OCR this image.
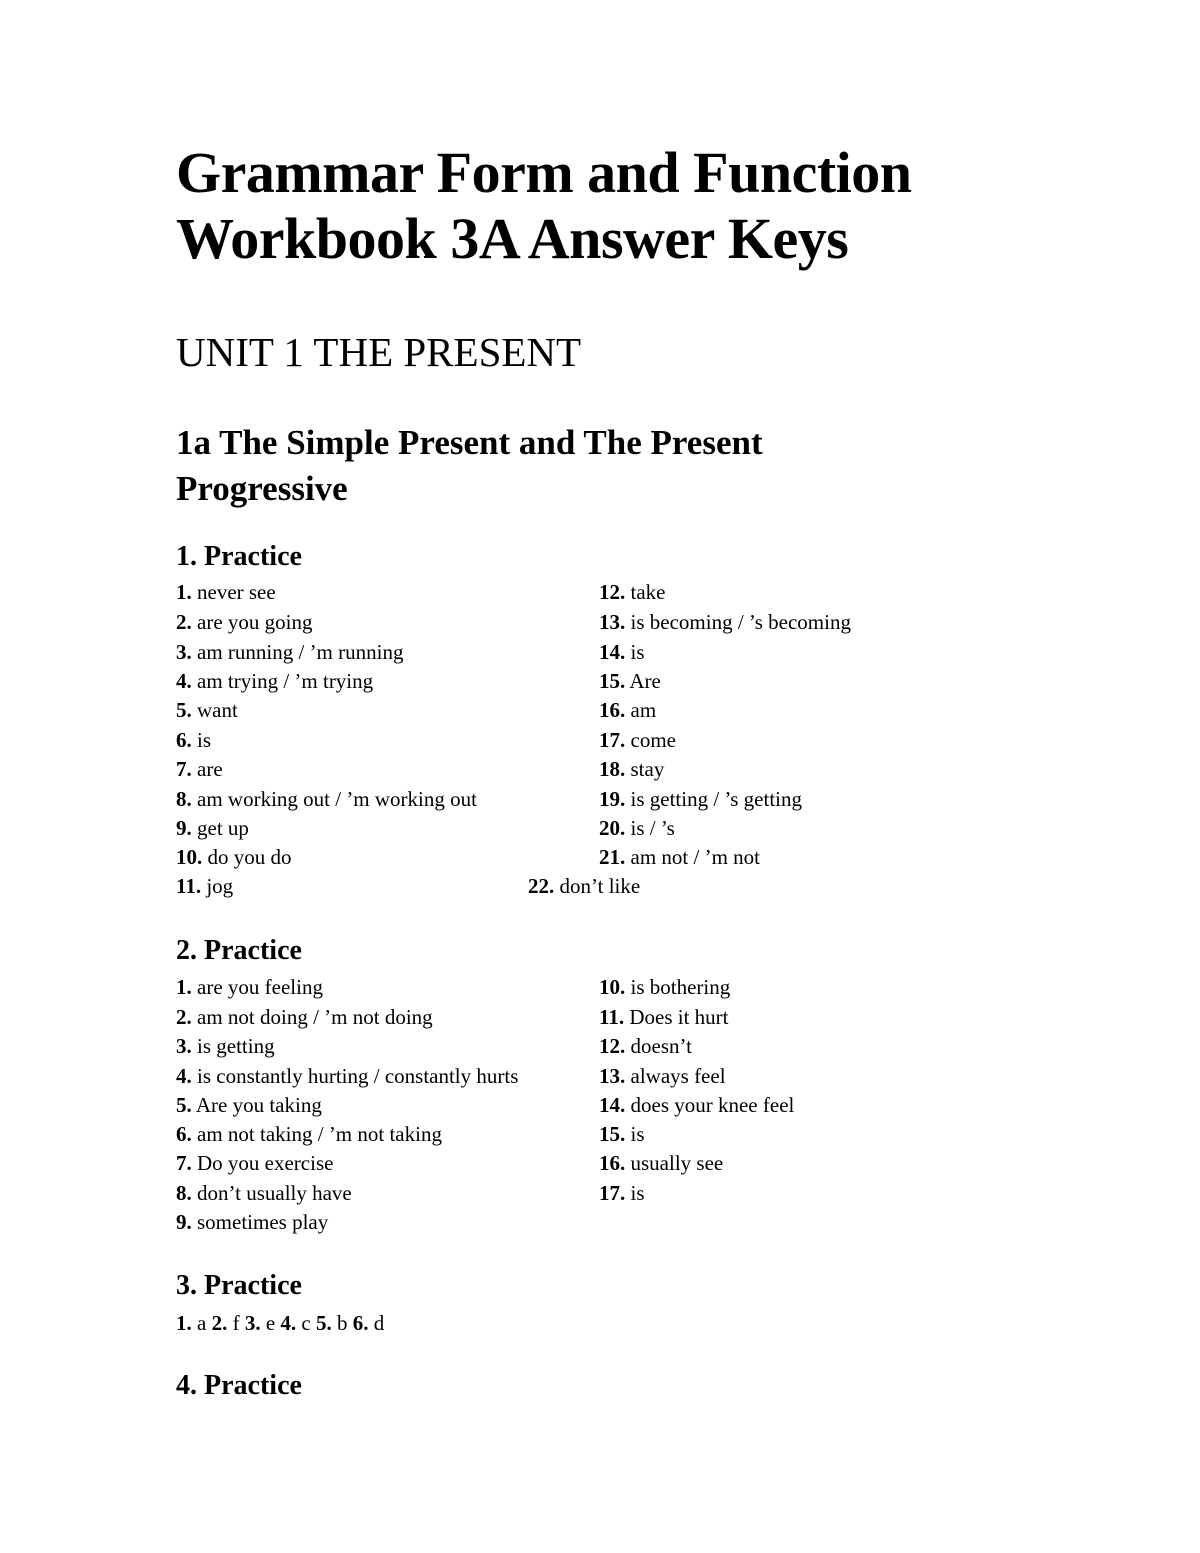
Grammar Form and Function
Workbook 3A Answer Keys
UNIT 1 THE PRESENT
1a The Simple Present and The Present
Progressive
1. Practice
1. never see
2. are you going
3. am running / ’m running
4. am trying / ’m trying
5. want
6. is
7. are
8. am working out / ’m working out
9. get up
10. do you do
11. jog
12. take
13. is becoming / ’s becoming
14. is
15. Are
16. am
17. come
18. stay
19. is getting / ’s getting
20. is / ’s
21. am not / ’m not
22. don’t like
2. Practice
1. are you feeling
2. am not doing / ’m not doing
3. is getting
4. is constantly hurting / constantly hurts
5. Are you taking
6. am not taking / ’m not taking
7. Do you exercise
8. don’t usually have
9. sometimes play
10. is bothering
11. Does it hurt
12. doesn’t
13. always feel
14. does your knee feel
15. is
16. usually see
17. is
3. Practice
1. a 2. f 3. e 4. c 5. b 6. d
4. Practice
